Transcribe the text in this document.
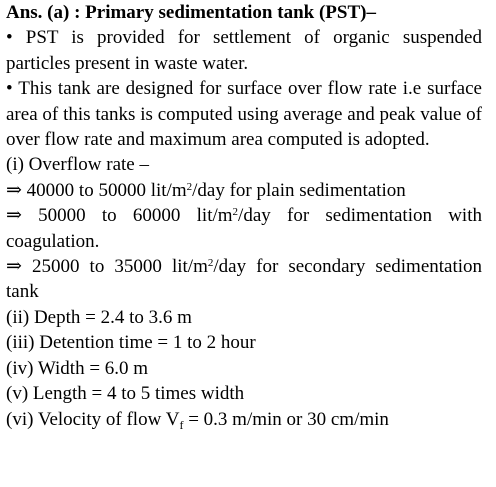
Ans. (a) : Primary sedimentation tank (PST)–

• PST is provided for settlement of organic suspended particles present in waste water.

• This tank are designed for surface over flow rate i.e surface area of this tanks is computed using average and peak value of over flow rate and maximum area computed is adopted.

(i) Overflow rate –

⇒ 40000 to 50000 lit/$m^2$/day for plain sedimentation

⇒ 50000 to 60000 lit/$m^2$/day for sedimentation with coagulation.

⇒ 25000 to 35000 lit/$m^2$/day for secondary sedimentation tank

(ii) Depth = 2.4 to 3.6 m

(iii) Detention time = 1 to 2 hour

(iv) Width = 6.0 m

(v) Length = 4 to 5 times width

(vi) Velocity of flow $V_f = 0.3$ m/min or 30 cm/min
